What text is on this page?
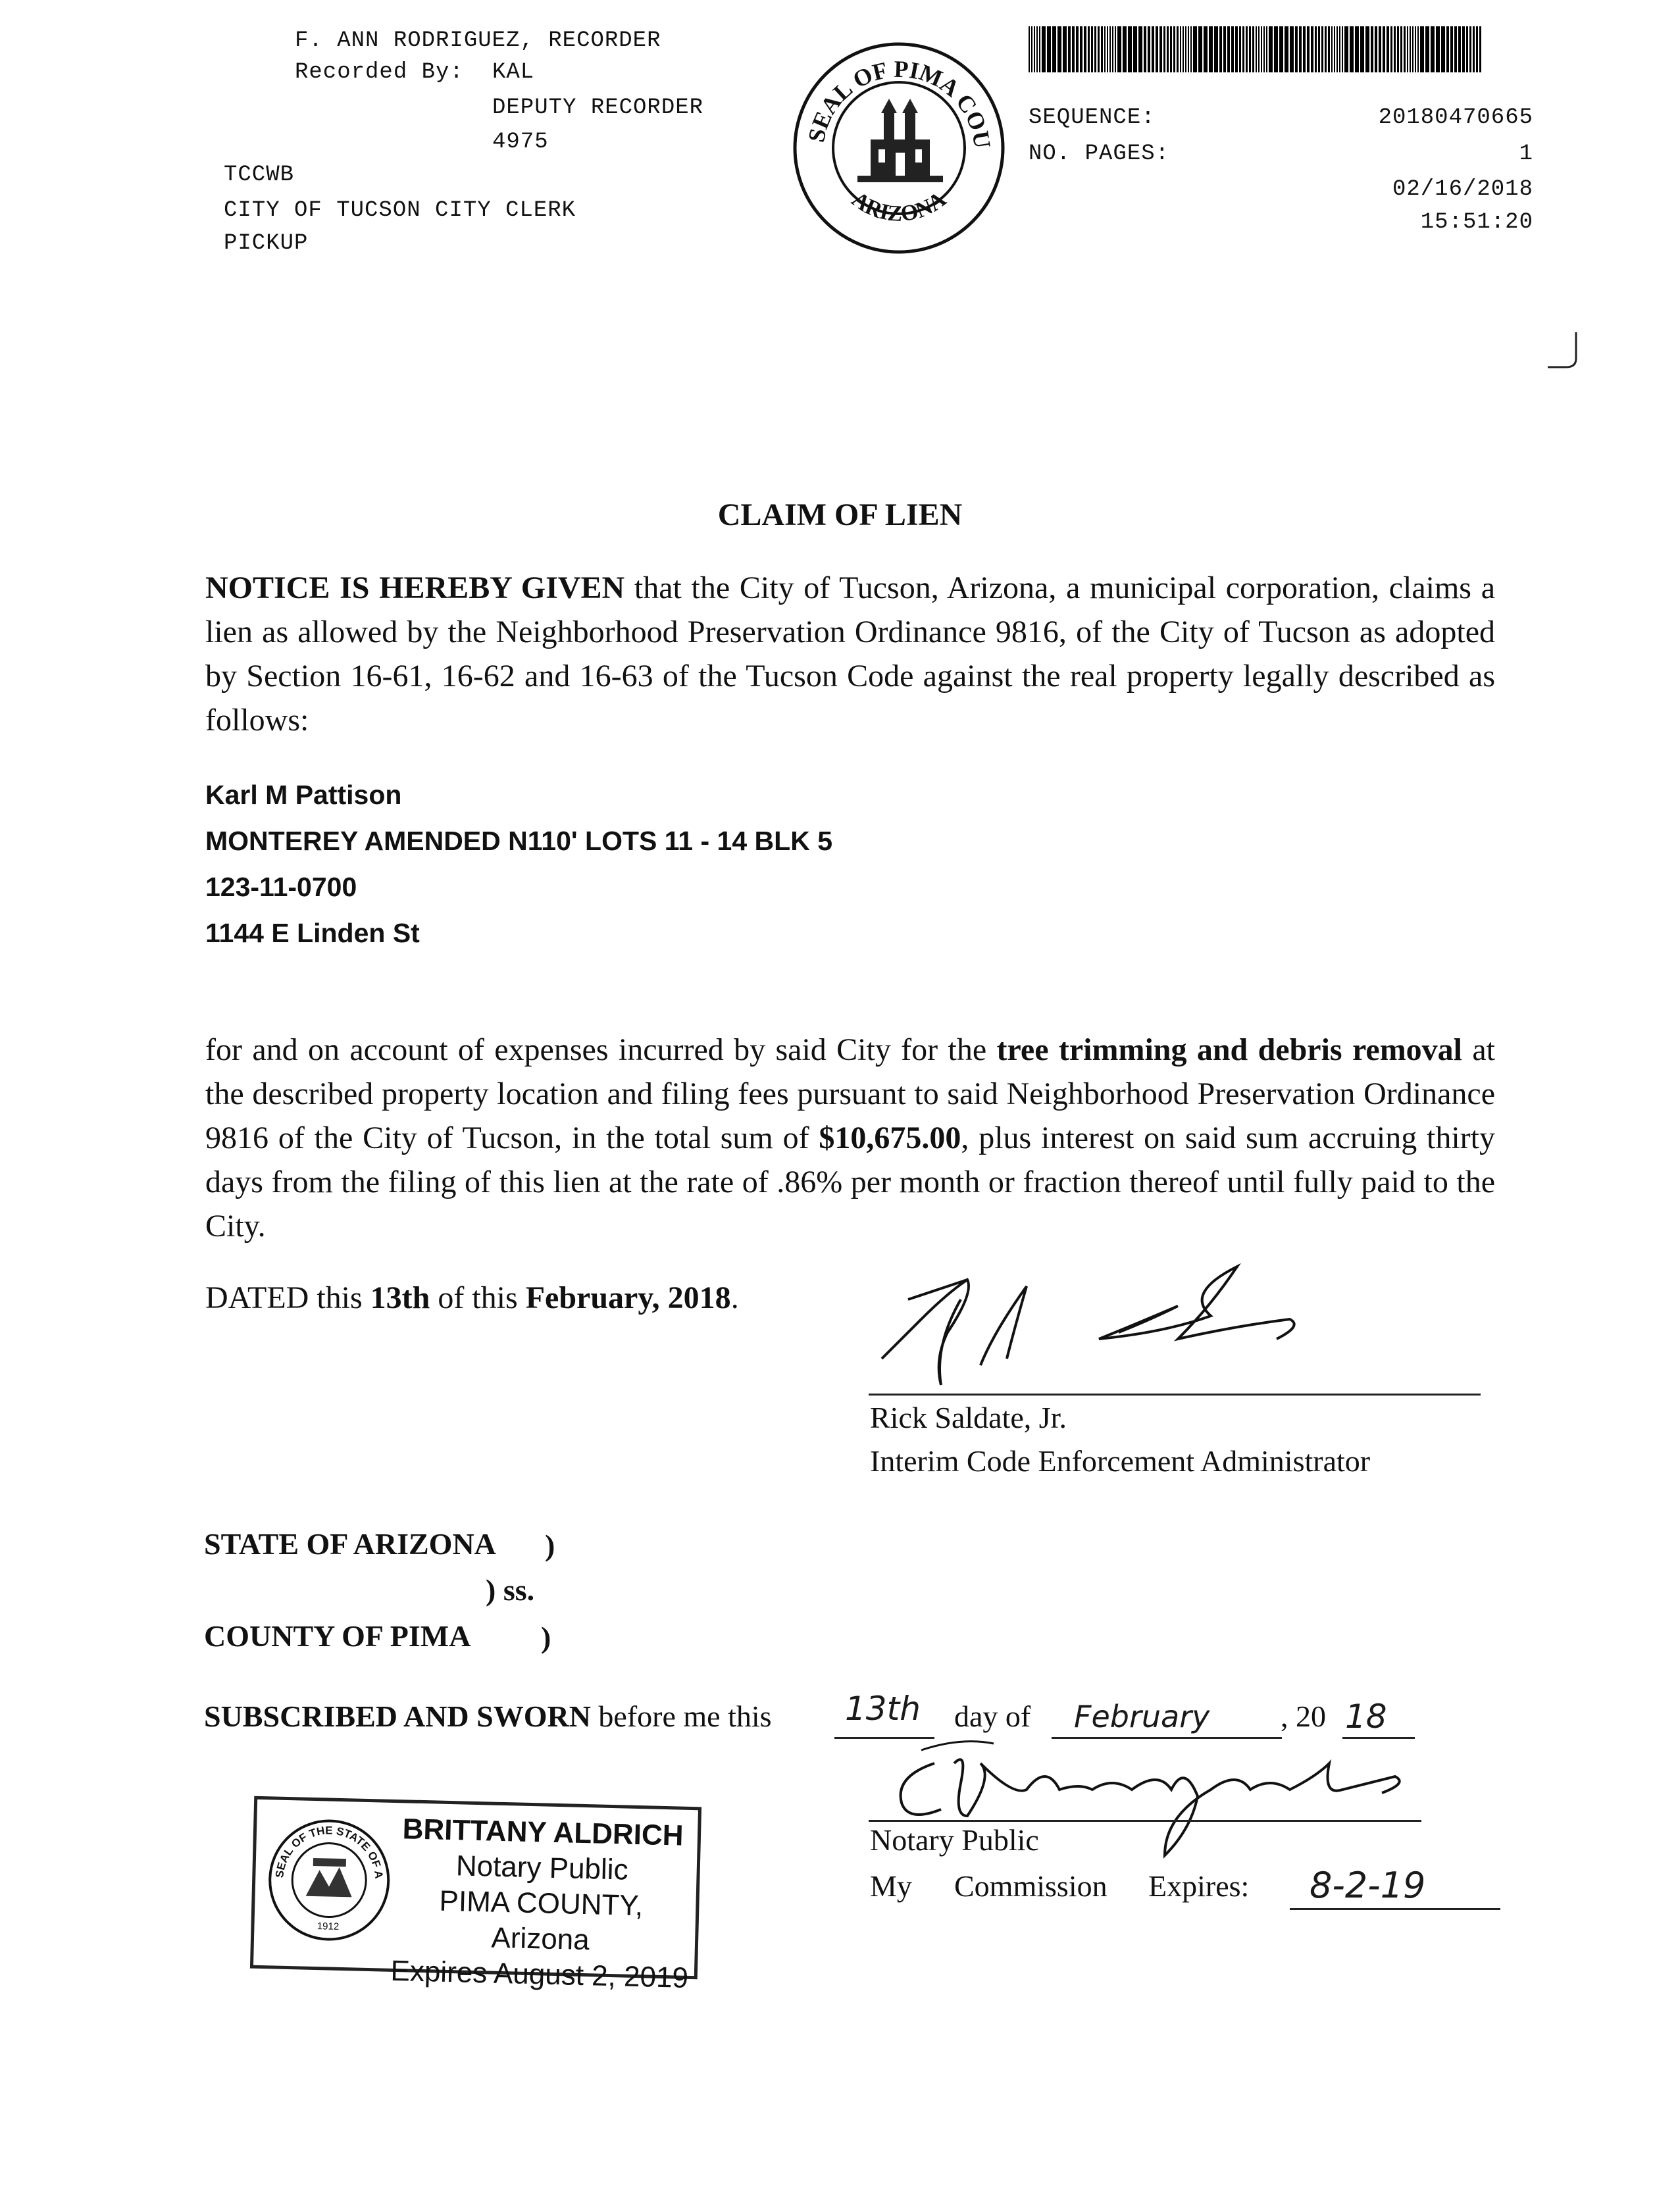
F. ANN RODRIGUEZ, RECORDER
Recorded By: KAL
DEPUTY RECORDER
4975
TCCWB
CITY OF TUCSON CITY CLERK
PICKUP
SEAL OF PIMA COU
ARIZONA
SEQUENCE:	20180470665
NO. PAGES:	1
02/16/2018
15:51:20
CLAIM OF LIEN
NOTICE IS HEREBY GIVEN that the City of Tucson, Arizona, a municipal corporation, claims a lien as allowed by the Neighborhood Preservation Ordinance 9816, of the City of Tucson as adopted by Section 16-61, 16-62 and 16-63 of the Tucson Code against the real property legally described as follows:
Karl M Pattison
MONTEREY AMENDED N110' LOTS 11 - 14 BLK 5
123-11-0700
1144 E Linden St
for and on account of expenses incurred by said City for the tree trimming and debris removal at the described property location and filing fees pursuant to said Neighborhood Preservation Ordinance 9816 of the City of Tucson, in the total sum of $10,675.00, plus interest on said sum accruing thirty days from the filing of this lien at the rate of .86% per month or fraction thereof until fully paid to the City.
DATED this 13th of this February, 2018.
Rick Saldate, Jr.
Interim Code Enforcement Administrator
STATE OF ARIZONA )
) ss.
COUNTY OF PIMA )
SUBSCRIBED AND SWORN before me this 13th day of February , 20 18
Notary Public
My Commission Expires: 8-2-19
SEAL OF THE STATE OF ARIZONA
1912
BRITTANY ALDRICH
Notary Public
PIMA COUNTY, Arizona
Expires August 2, 2019
